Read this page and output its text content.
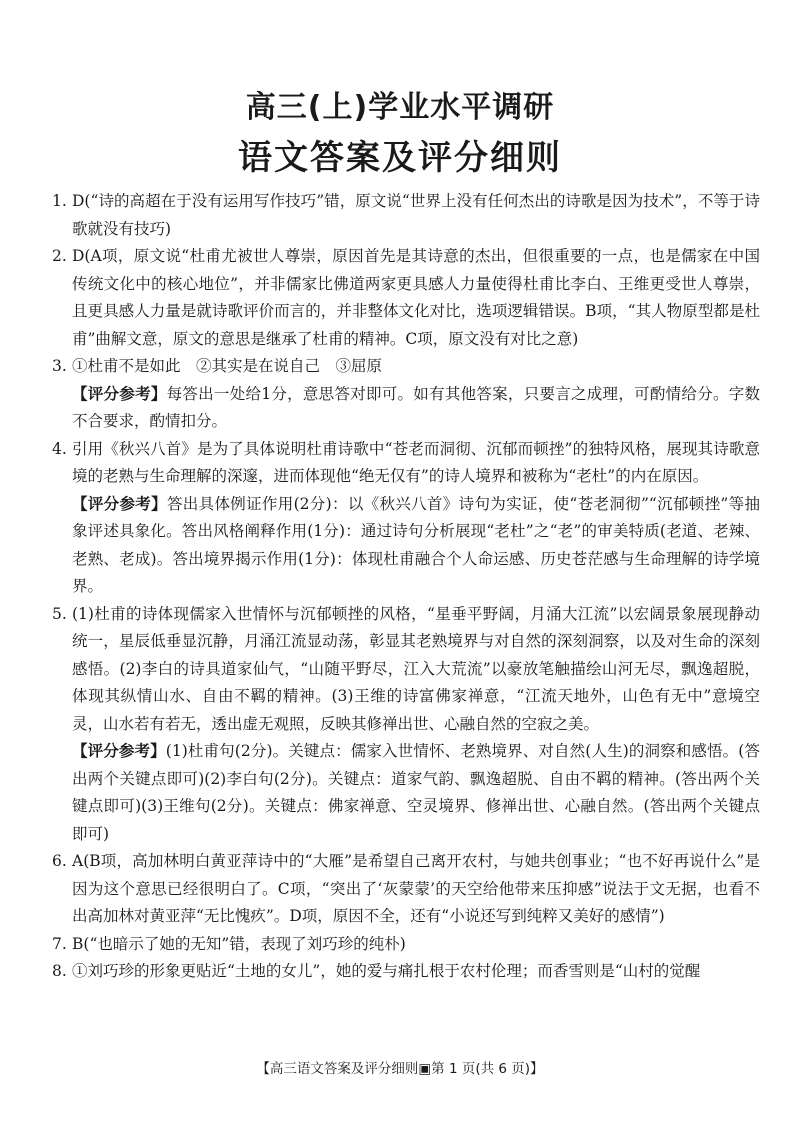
高三(上)学业水平调研
语文答案及评分细则
1. D(“诗的高超在于没有运用写作技巧”错，原文说“世界上没有任何杰出的诗歌是因为技术”，不等于诗歌就没有技巧)

2. D(A项，原文说“杜甫尤被世人尊崇，原因首先是其诗意的杰出，但很重要的一点，也是儒家在中国传统文化中的核心地位”，并非儒家比佛道两家更具感人力量使得杜甫比李白、王维更受世人尊崇，且更具感人力量是就诗歌评价而言的，并非整体文化对比，选项逻辑错误。B项，“其人物原型都是杜甫”曲解文意，原文的意思是继承了杜甫的精神。C项，原文没有对比之意)

3. ①杜甫不是如此　②其实是在说自己　③屈原

【评分参考】每答出一处给1分，意思答对即可。如有其他答案，只要言之成理，可酌情给分。字数不合要求，酌情扣分。

4. 引用《秋兴八首》是为了具体说明杜甫诗歌中“苍老而洞彻、沉郁而顿挫”的独特风格，展现其诗歌意境的老熟与生命理解的深邃，进而体现他“绝无仅有”的诗人境界和被称为“老杜”的内在原因。

【评分参考】答出具体例证作用(2分)：以《秋兴八首》诗句为实证，使“苍老洞彻”“沉郁顿挫”等抽象评述具象化。答出风格阐释作用(1分)：通过诗句分析展现“老杜”之“老”的审美特质(老道、老辣、老熟、老成)。答出境界揭示作用(1分)：体现杜甫融合个人命运感、历史苍茫感与生命理解的诗学境界。

5. (1)杜甫的诗体现儒家入世情怀与沉郁顿挫的风格，“星垂平野阔，月涌大江流”以宏阔景象展现静动统一，星辰低垂显沉静，月涌江流显动荡，彰显其老熟境界与对自然的深刻洞察，以及对生命的深刻感悟。(2)李白的诗具道家仙气，“山随平野尽，江入大荒流”以豪放笔触描绘山河无尽，飘逸超脱，体现其纵情山水、自由不羁的精神。(3)王维的诗富佛家禅意，“江流天地外，山色有无中”意境空灵，山水若有若无，透出虚无观照，反映其修禅出世、心融自然的空寂之美。

【评分参考】(1)杜甫句(2分)。关键点：儒家入世情怀、老熟境界、对自然(人生)的洞察和感悟。(答出两个关键点即可)(2)李白句(2分)。关键点：道家气韵、飘逸超脱、自由不羁的精神。(答出两个关键点即可)(3)王维句(2分)。关键点：佛家禅意、空灵境界、修禅出世、心融自然。(答出两个关键点即可)

6. A(B项，高加林明白黄亚萍诗中的“大雁”是希望自己离开农村，与她共创事业；“也不好再说什么”是因为这个意思已经很明白了。C项，“突出了‘灰蒙蒙’的天空给他带来压抑感”说法于文无据，也看不出高加林对黄亚萍“无比愧疚”。D项，原因不全，还有“小说还写到纯粹又美好的感情”)

7. B(“也暗示了她的无知”错，表现了刘巧珍的纯朴)

8. ①刘巧珍的形象更贴近“土地的女儿”，她的爱与痛扎根于农村伦理；而香雪则是“山村的觉醒

【高三语文答案及评分细则▣第 1 页(共 6 页)】
